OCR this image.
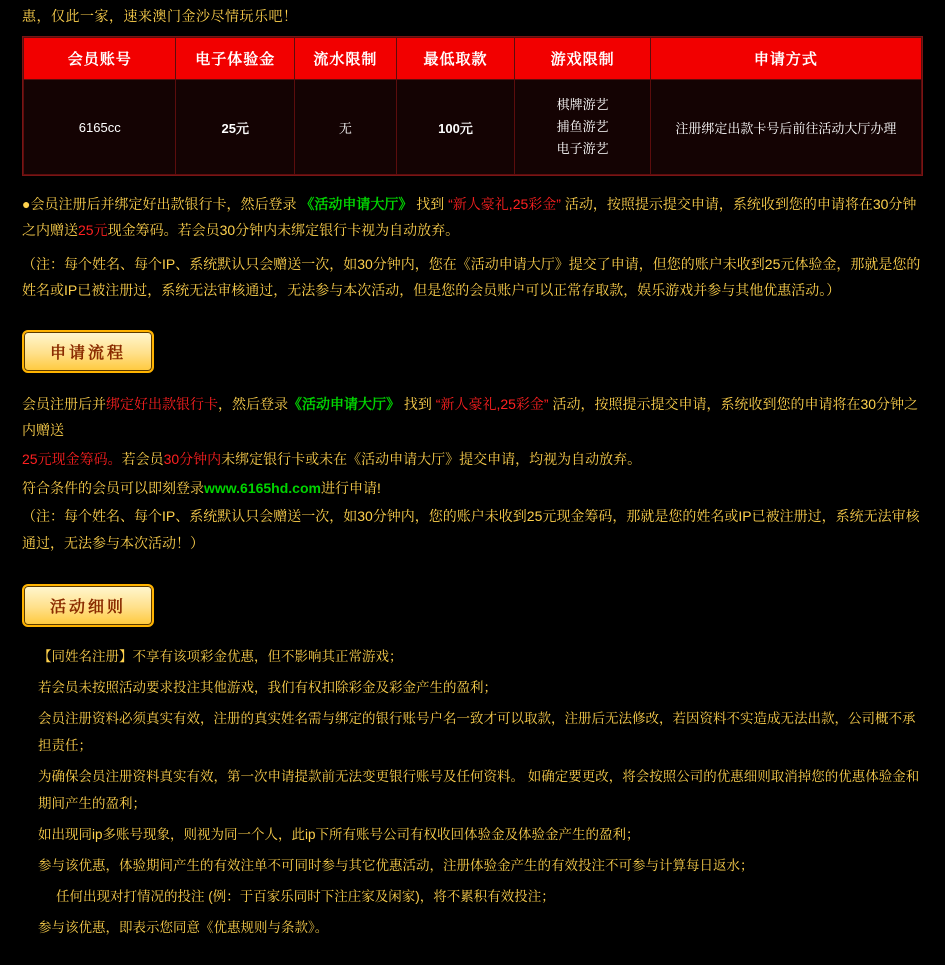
惠，仅此一家，速来澳门金沙尽情玩乐吧！
会员账号	电子体验金	流水限制	最低取款	游戏限制	申请方式
6165cc	25元	无	100元	棋牌游艺
捕鱼游艺
电子游艺	注册绑定出款卡号后前往活动大厅办理
●会员注册后并绑定好出款银行卡，然后登录 《活动申请大厅》 找到 “新人豪礼,25彩金” 活动，按照提示提交申请，系统收到您的申请将在30分钟之内赠送25元现金筹码。若会员30分钟内未绑定银行卡视为自动放弃。
（注：每个姓名、每个IP、系统默认只会赠送一次，如30分钟内，您在《活动申请大厅》提交了申请，但您的账户未收到25元体验金，那就是您的姓名或IP已被注册过，系统无法审核通过，无法参与本次活动，但是您的会员账户可以正常存取款，娱乐游戏并参与其他优惠活动。）
申请流程

会员注册后并绑定好出款银行卡，然后登录《活动申请大厅》 找到 “新人豪礼,25彩金” 活动，按照提示提交申请，系统收到您的申请将在30分钟之内赠送

25元现金筹码。若会员30分钟内未绑定银行卡或未在《活动申请大厅》提交申请，均视为自动放弃。

符合条件的会员可以即刻登录www.6165hd.com进行申请!

（注：每个姓名、每个IP、系统默认只会赠送一次，如30分钟内，您的账户未收到25元现金筹码，那就是您的姓名或IP已被注册过，系统无法审核通过，无法参与本次活动！）

活动细则

【同姓名注册】不享有该项彩金优惠，但不影响其正常游戏；

若会员未按照活动要求投注其他游戏，我们有权扣除彩金及彩金产生的盈利；

会员注册资料必须真实有效，注册的真实姓名需与绑定的银行账号户名一致才可以取款，注册后无法修改，若因资料不实造成无法出款，公司概不承担责任；

为确保会员注册资料真实有效，第一次申请提款前无法变更银行账号及任何资料。 如确定要更改，将会按照公司的优惠细则取消掉您的优惠体验金和期间产生的盈利；

如出现同ip多账号现象，则视为同一个人，此ip下所有账号公司有权收回体验金及体验金产生的盈利；

参与该优惠，体验期间产生的有效注单不可同时参与其它优惠活动，注册体验金产生的有效投注不可参与计算每日返水；

任何出现对打情况的投注 (例：于百家乐同时下注庄家及闲家)，将不累积有效投注；

参与该优惠，即表示您同意《优惠规则与条款》。
